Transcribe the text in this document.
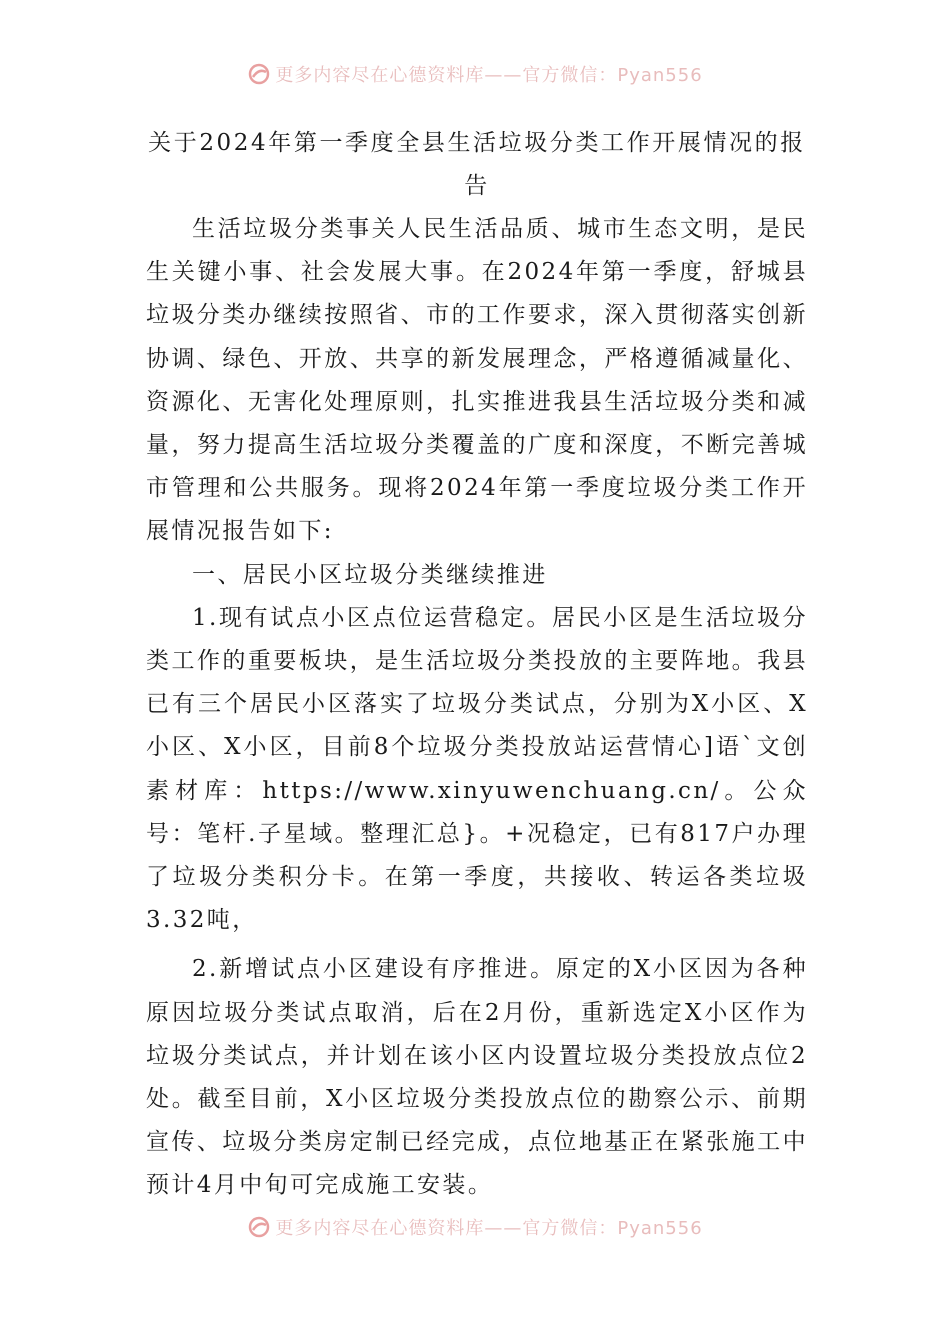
更多内容尽在心德资料库——官方微信：Pyan556
关于2024年第一季度全县生活垃圾分类工作开展情况的报告

生活垃圾分类事关人民生活品质、城市生态文明，是民生关键小事、社会发展大事。在2024年第一季度，舒城县垃圾分类办继续按照省、市的工作要求，深入贯彻落实创新协调、绿色、开放、共享的新发展理念，严格遵循减量化、资源化、无害化处理原则，扎实推进我县生活垃圾分类和减量，努力提高生活垃圾分类覆盖的广度和深度，不断完善城市管理和公共服务。现将2024年第一季度垃圾分类工作开展情况报告如下:

一、居民小区垃圾分类继续推进

1.现有试点小区点位运营稳定。居民小区是生活垃圾分类工作的重要板块，是生活垃圾分类投放的主要阵地。我县已有三个居民小区落实了垃圾分类试点，分别为X小区、X小区、X小区，目前8个垃圾分类投放站运营情心]语`文创素材库：https://www.xinyuwenchuang.cn/。公众号：笔杆.子星域。整理汇总}。+况稳定，已有817户办理了垃圾分类积分卡。在第一季度，共接收、转运各类垃圾3.32吨，

2.新增试点小区建设有序推进。原定的X小区因为各种原因垃圾分类试点取消，后在2月份，重新选定X小区作为垃圾分类试点，并计划在该小区内设置垃圾分类投放点位2处。截至目前，X小区垃圾分类投放点位的勘察公示、前期宣传、垃圾分类房定制已经完成，点位地基正在紧张施工中预计4月中旬可完成施工安装。

更多内容尽在心德资料库——官方微信：Pyan556
